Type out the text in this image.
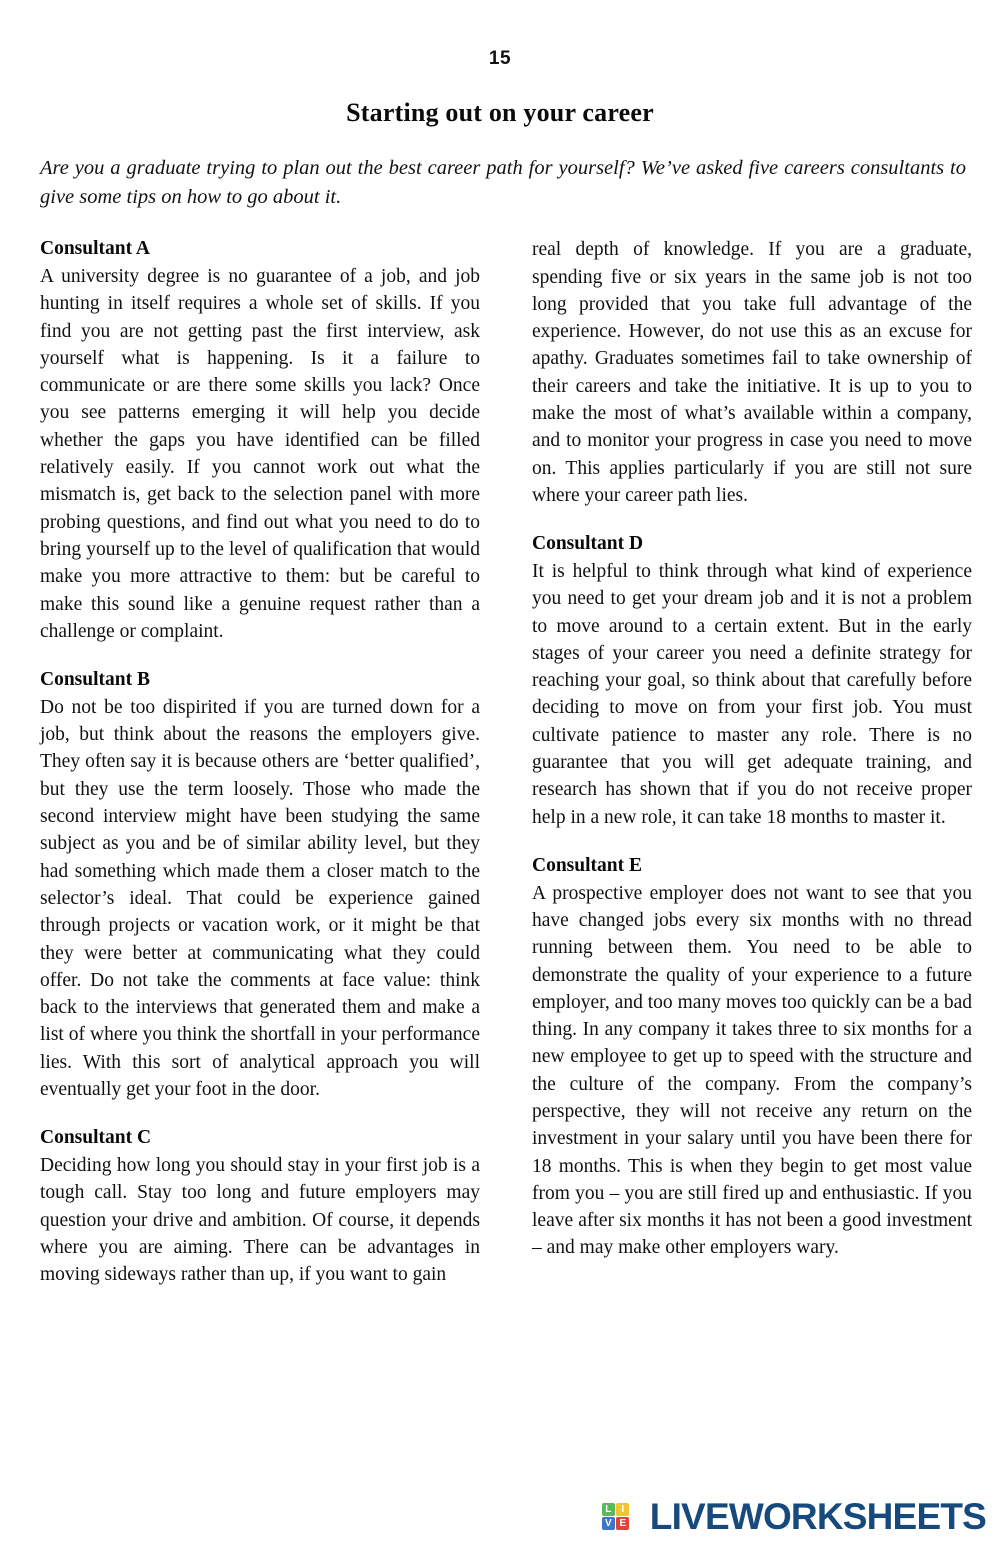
15
Starting out on your career

Are you a graduate trying to plan out the best career path for yourself? We’ve asked five careers consultants to give some tips on how to go about it.

Consultant A

A university degree is no guarantee of a job, and job hunting in itself requires a whole set of skills. If you find you are not getting past the first interview, ask yourself what is happening. Is it a failure to communicate or are there some skills you lack? Once you see patterns emerging it will help you decide whether the gaps you have identified can be filled relatively easily. If you cannot work out what the mismatch is, get back to the selection panel with more probing questions, and find out what you need to do to bring yourself up to the level of qualification that would make you more attractive to them: but be careful to make this sound like a genuine request rather than a challenge or complaint.

Consultant B

Do not be too dispirited if you are turned down for a job, but think about the reasons the employers give. They often say it is because others are ‘better qualified’, but they use the term loosely. Those who made the second interview might have been studying the same subject as you and be of similar ability level, but they had something which made them a closer match to the selector’s ideal. That could be experience gained through projects or vacation work, or it might be that they were better at communicating what they could offer. Do not take the comments at face value: think back to the interviews that generated them and make a list of where you think the shortfall in your performance lies. With this sort of analytical approach you will eventually get your foot in the door.

Consultant C

Deciding how long you should stay in your first job is a tough call. Stay too long and future employers may question your drive and ambition. Of course, it depends where you are aiming. There can be advantages in moving sideways rather than up, if you want to gain

real depth of knowledge. If you are a graduate, spending five or six years in the same job is not too long provided that you take full advantage of the experience. However, do not use this as an excuse for apathy. Graduates sometimes fail to take ownership of their careers and take the initiative. It is up to you to make the most of what’s available within a company, and to monitor your progress in case you need to move on. This applies particularly if you are still not sure where your career path lies.

Consultant D

It is helpful to think through what kind of experience you need to get your dream job and it is not a problem to move around to a certain extent. But in the early stages of your career you need a definite strategy for reaching your goal, so think about that carefully before deciding to move on from your first job. You must cultivate patience to master any role. There is no guarantee that you will get adequate training, and research has shown that if you do not receive proper help in a new role, it can take 18 months to master it.

Consultant E

A prospective employer does not want to see that you have changed jobs every six months with no thread running between them. You need to be able to demonstrate the quality of your experience to a future employer, and too many moves too quickly can be a bad thing. In any company it takes three to six months for a new employee to get up to speed with the structure and the culture of the company. From the company’s perspective, they will not receive any return on the investment in your salary until you have been there for 18 months. This is when they begin to get most value from you – you are still fired up and enthusiastic. If you leave after six months it has not been a good investment – and may make other employers wary.

L	I
V E LIVEWORKSHEETS
